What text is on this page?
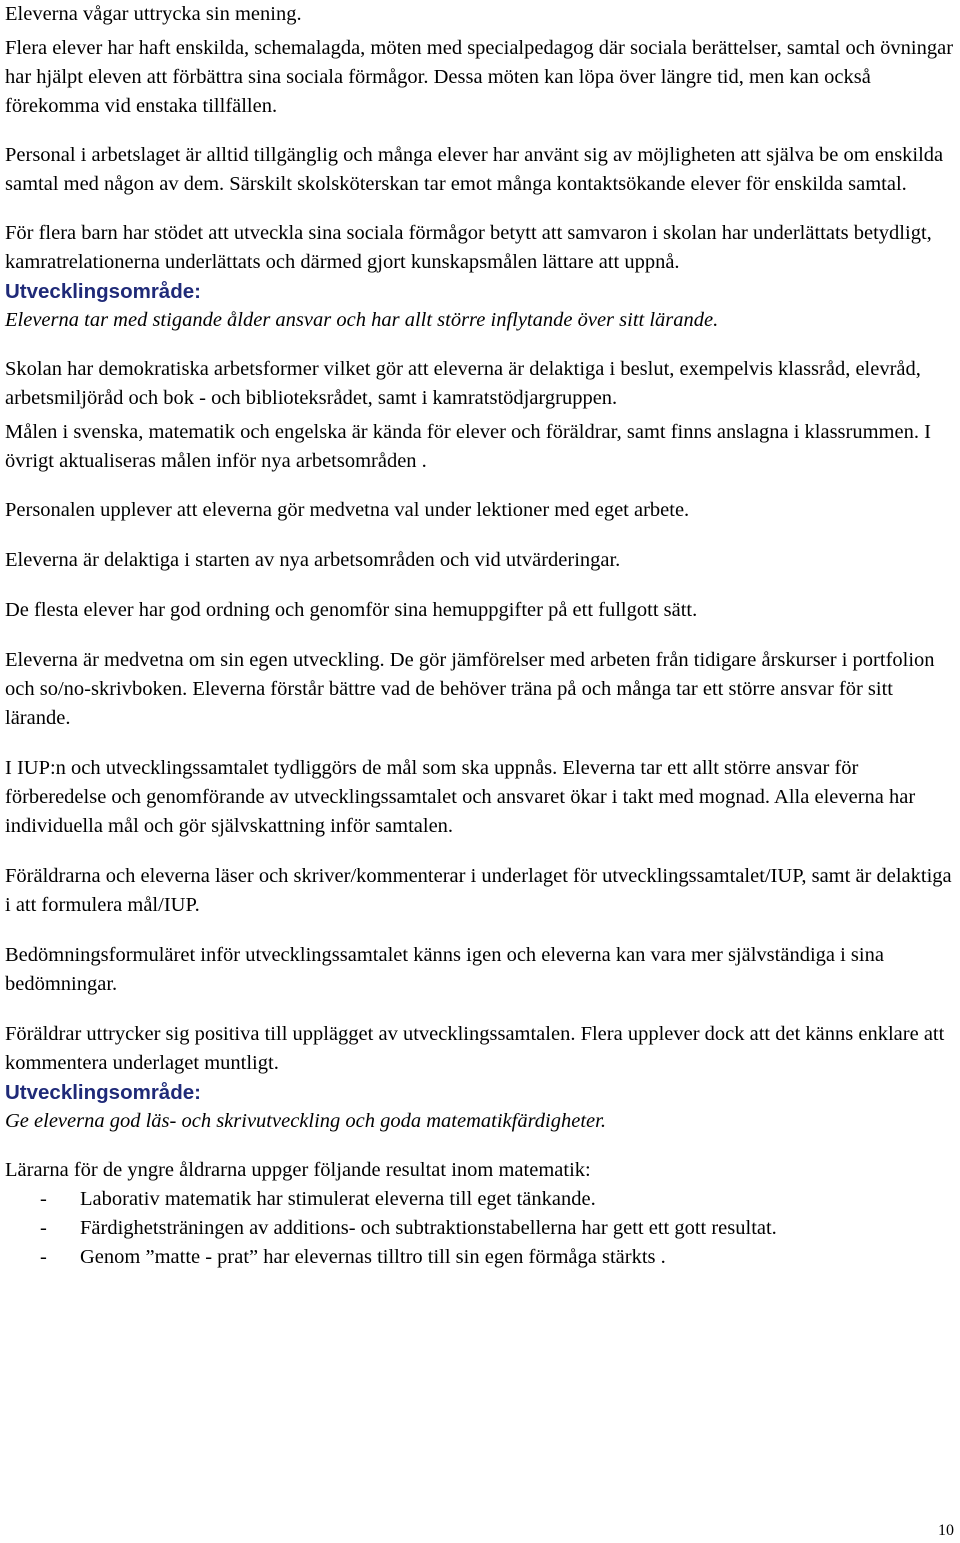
Eleverna vågar uttrycka sin mening.

Flera elever har haft enskilda, schemalagda, möten med specialpedagog där sociala berättelser, samtal och övningar har hjälpt eleven att förbättra sina sociala förmågor. Dessa möten kan löpa över längre tid, men kan också förekomma vid enstaka tillfällen.

Personal i arbetslaget är alltid tillgänglig och många elever har använt sig av möjligheten att själva be om enskilda samtal med någon av dem. Särskilt skolsköterskan tar emot många kontaktsökande elever för enskilda samtal.

För flera barn har stödet att utveckla sina sociala förmågor betytt att samvaron i skolan har underlättats betydligt, kamratrelationerna underlättats och därmed gjort kunskapsmålen lättare att uppnå.

Utvecklingsområde:

Eleverna tar med stigande ålder ansvar och har allt större inflytande över sitt lärande.

Skolan har demokratiska arbetsformer vilket gör att eleverna är delaktiga i beslut, exempelvis klassråd, elevråd, arbetsmiljöråd och bok - och biblioteksrådet, samt i kamratstödjargruppen.

Målen i svenska, matematik och engelska är kända för elever och föräldrar, samt finns anslagna i klassrummen. I övrigt aktualiseras målen inför nya arbetsområden .

Personalen upplever att eleverna gör medvetna val under lektioner med eget arbete.

Eleverna är delaktiga i starten av nya arbetsområden och vid utvärderingar.

De flesta elever har god ordning och genomför sina hemuppgifter på ett fullgott sätt.

Eleverna är medvetna om sin egen utveckling. De gör jämförelser med arbeten från tidigare årskurser i portfolion och so/no-skrivboken. Eleverna förstår bättre vad de behöver träna på och många tar ett större ansvar för sitt lärande.

I IUP:n och utvecklingssamtalet tydliggörs de mål som ska uppnås. Eleverna tar ett allt större ansvar för förberedelse och genomförande av utvecklingssamtalet och ansvaret ökar i takt med mognad. Alla eleverna har individuella mål och gör självskattning inför samtalen.

Föräldrarna och eleverna läser och skriver/kommenterar i underlaget för utvecklingssamtalet/IUP, samt är delaktiga i att formulera mål/IUP.

Bedömningsformuläret inför utvecklingssamtalet känns igen och eleverna kan vara mer självständiga i sina bedömningar.

Föräldrar uttrycker sig positiva till upplägget av utvecklingssamtalen. Flera upplever dock att det känns enklare att kommentera underlaget muntligt.

Utvecklingsområde:

Ge eleverna god läs- och skrivutveckling och goda matematikfärdigheter.

Lärarna för de yngre åldrarna uppger följande resultat inom matematik:

- Laborativ matematik har stimulerat eleverna till eget tänkande.
- Färdighetsträningen av additions- och subtraktionstabellerna har gett ett gott resultat.
- Genom ”matte - prat” har elevernas tilltro till sin egen förmåga stärkts .
10
